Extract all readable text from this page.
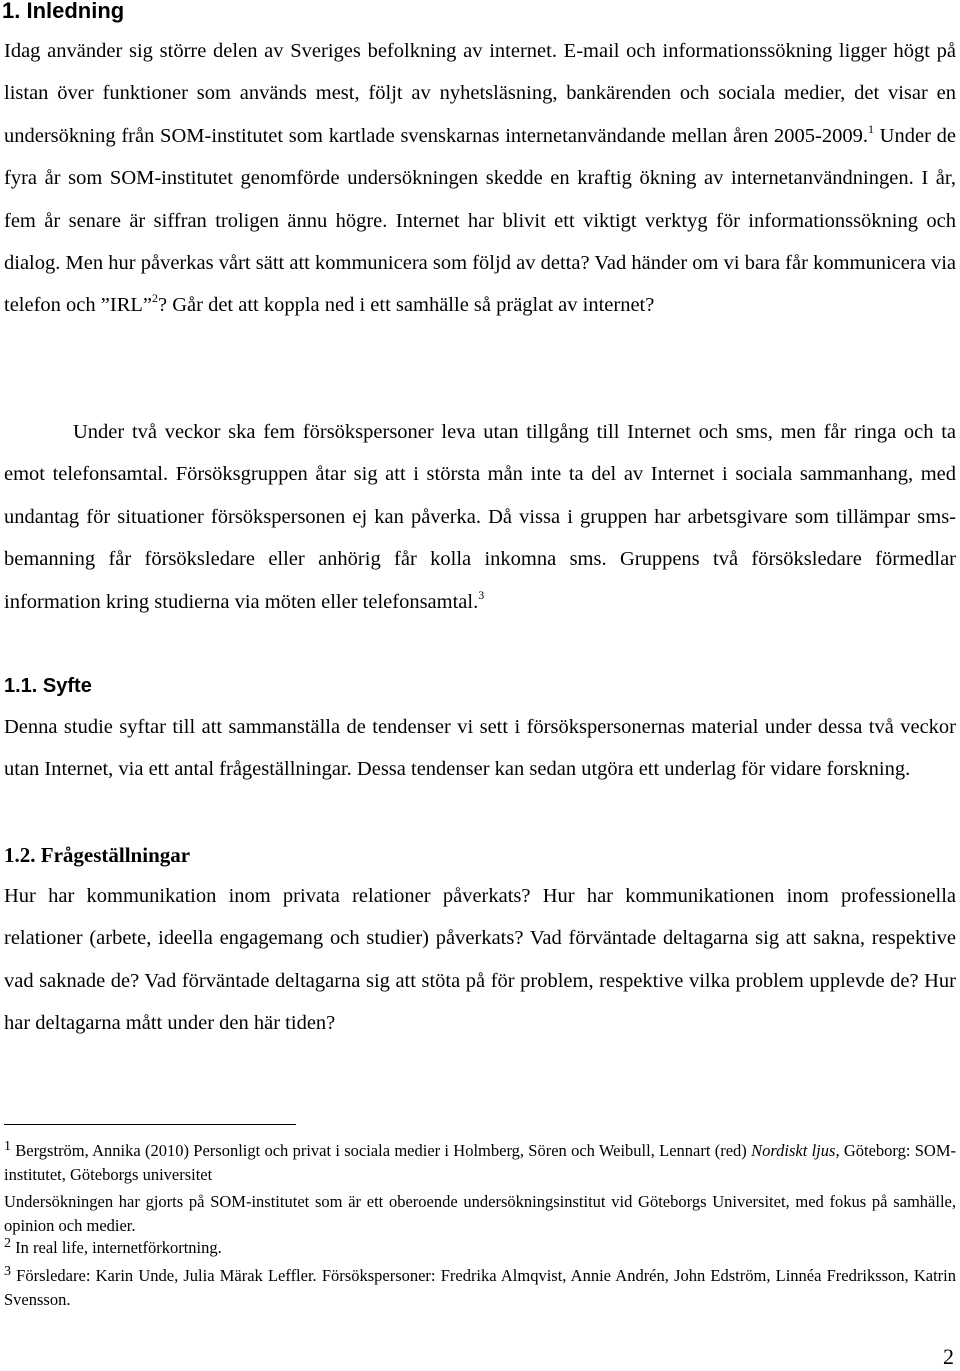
1. Inledning

Idag använder sig större delen av Sveriges befolkning av internet. E-mail och informationssökning ligger högt på listan över funktioner som används mest, följt av nyhetsläsning, bankärenden och sociala medier, det visar en undersökning från SOM-institutet som kartlade svenskarnas internetanvändande mellan åren 2005-2009.$^1$ Under de fyra år som SOM-institutet genomförde undersökningen skedde en kraftig ökning av internetanvändningen. I år, fem år senare är siffran troligen ännu högre. Internet har blivit ett viktigt verktyg för informationssökning och dialog. Men hur påverkas vårt sätt att kommunicera som följd av detta? Vad händer om vi bara får kommunicera via telefon och ”IRL”$^2$? Går det att koppla ned i ett samhälle så präglat av internet?

Under två veckor ska fem försökspersoner leva utan tillgång till Internet och sms, men får ringa och ta emot telefonsamtal. Försöksgruppen åtar sig att i största mån inte ta del av Internet i sociala sammanhang, med undantag för situationer försökspersonen ej kan påverka. Då vissa i gruppen har arbetsgivare som tillämpar sms-bemanning får försöksledare eller anhörig får kolla inkomna sms. Gruppens två försöksledare förmedlar information kring studierna via möten eller telefonsamtal.$^3$

1.1. Syfte

Denna studie syftar till att sammanställa de tendenser vi sett i försökspersonernas material under dessa två veckor utan Internet, via ett antal frågeställningar. Dessa tendenser kan sedan utgöra ett underlag för vidare forskning.

1.2. Frågeställningar

Hur har kommunikation inom privata relationer påverkats? Hur har kommunikationen inom professionella relationer (arbete, ideella engagemang och studier) påverkats? Vad förväntade deltagarna sig att sakna, respektive vad saknade de? Vad förväntade deltagarna sig att stöta på för problem, respektive vilka problem upplevde de? Hur har deltagarna mått under den här tiden?

$^1$ Bergström, Annika (2010) Personligt och privat i sociala medier i Holmberg, Sören och Weibull, Lennart (red) Nordiskt ljus, Göteborg: SOM-institutet, Göteborgs universitet

Undersökningen har gjorts på SOM-institutet som är ett oberoende undersökningsinstitut vid Göteborgs Universitet, med fokus på samhälle, opinion och medier.

$^2$ In real life, internetförkortning.

$^3$ Försledare: Karin Unde, Julia Märak Leffler. Försökspersoner: Fredrika Almqvist, Annie Andrén, John Edström, Linnéa Fredriksson, Katrin Svensson.

2
